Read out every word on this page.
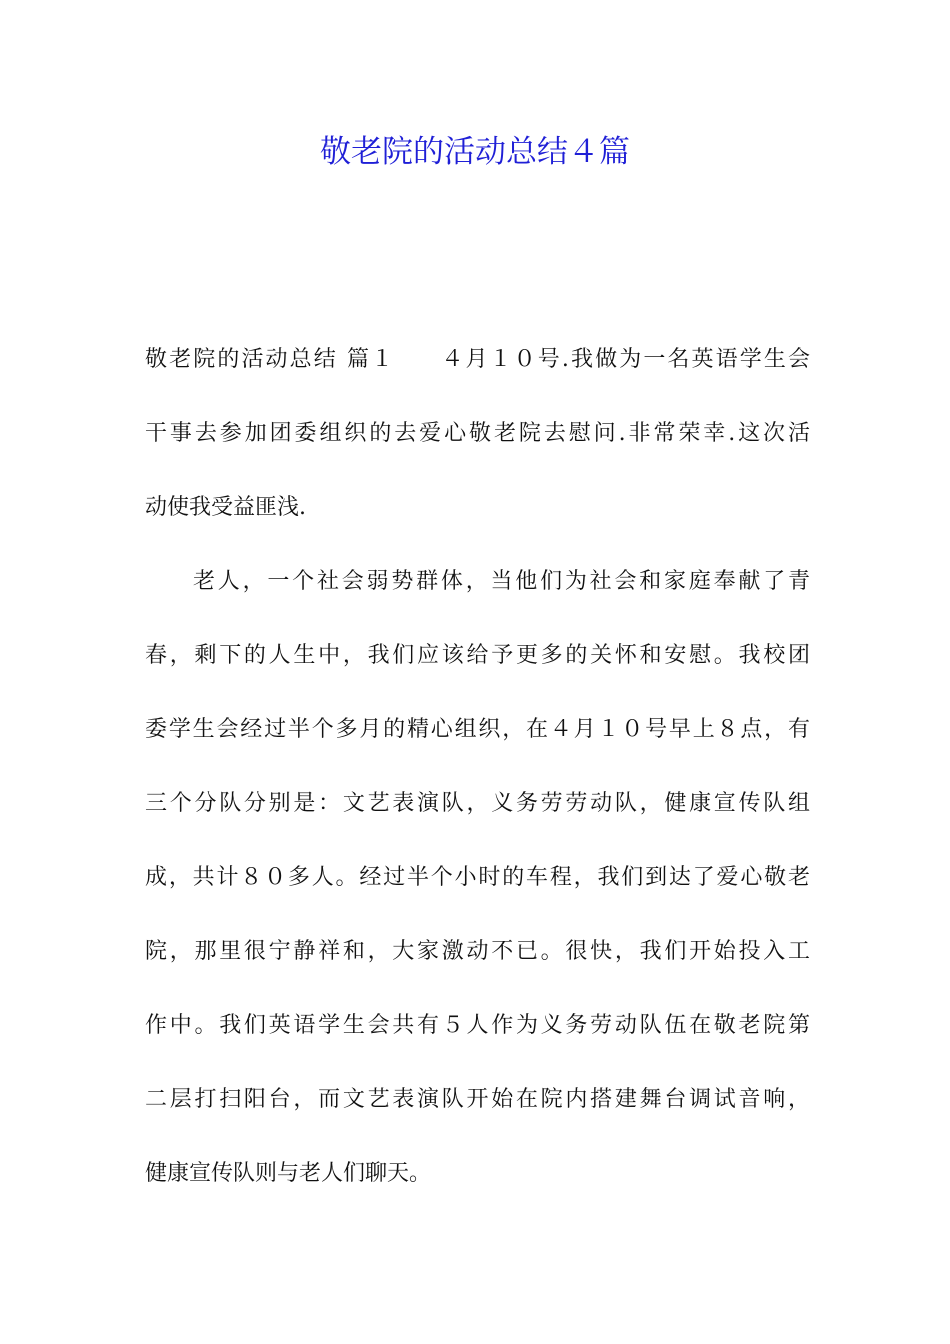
敬老院的活动总结４篇
敬老院的活动总结 篇１ ４月１０号.我做为一名英语学生会
干事去参加团委组织的去爱心敬老院去慰问.非常荣幸.这次活
动使我受益匪浅.
老人，一个社会弱势群体，当他们为社会和家庭奉献了青
春，剩下的人生中，我们应该给予更多的关怀和安慰。我校团
委学生会经过半个多月的精心组织，在４月１０号早上８点，有
三个分队分别是：文艺表演队，义务劳劳动队，健康宣传队组
成，共计８０多人。经过半个小时的车程，我们到达了爱心敬老
院，那里很宁静祥和，大家激动不已。很快，我们开始投入工
作中。我们英语学生会共有５人作为义务劳动队伍在敬老院第
二层打扫阳台，而文艺表演队开始在院内搭建舞台调试音响，
健康宣传队则与老人们聊天。
